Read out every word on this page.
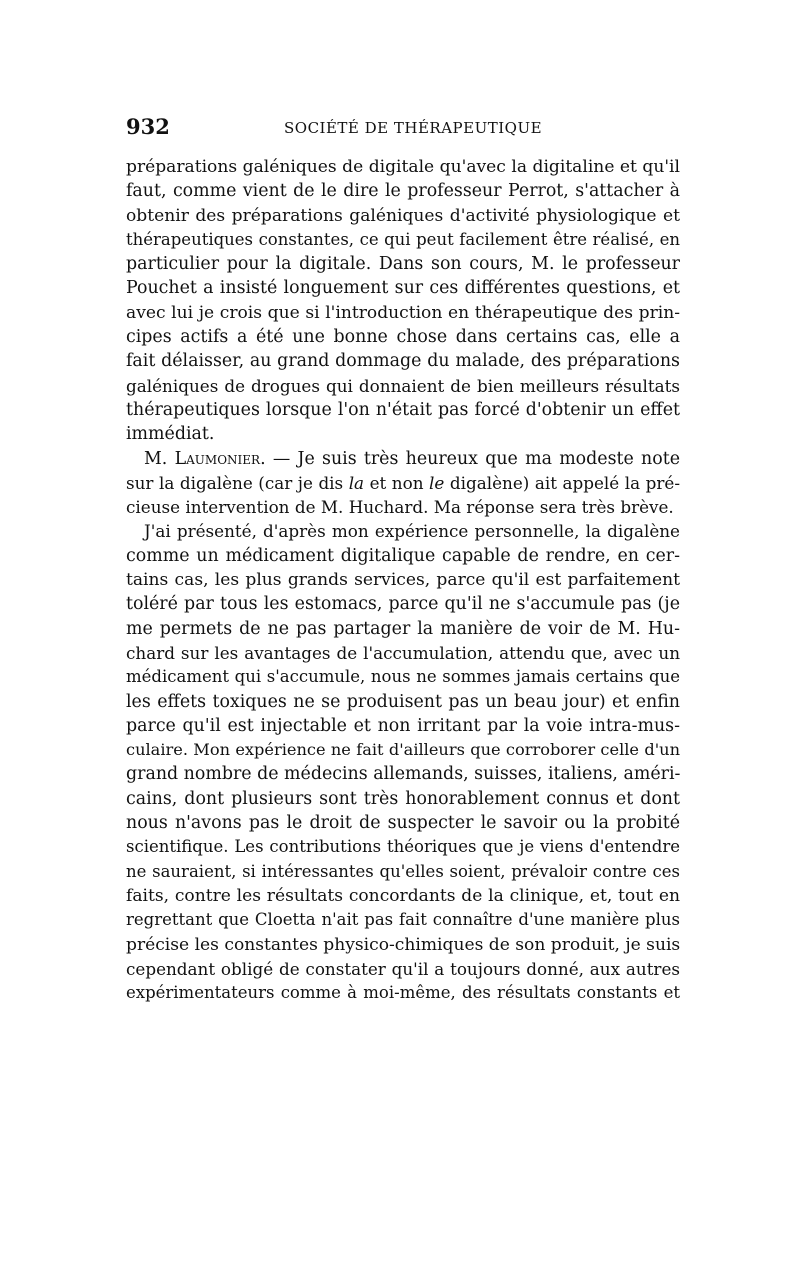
932	SOCIÉTÉ DE THÉRAPEUTIQUE
préparations galéniques de digitale qu'avec la digitaline et qu'il
faut, comme vient de le dire le professeur Perrot, s'attacher à
obtenir des préparations galéniques d'activité physiologique et
thérapeutiques constantes, ce qui peut facilement être réalisé, en
particulier pour la digitale. Dans son cours, M. le professeur
Pouchet a insisté longuement sur ces différentes questions, et
avec lui je crois que si l'introduction en thérapeutique des prin-
cipes actifs a été une bonne chose dans certains cas, elle a
fait délaisser, au grand dommage du malade, des préparations
galéniques de drogues qui donnaient de bien meilleurs résultats
thérapeutiques lorsque l'on n'était pas forcé d'obtenir un effet
immédiat.
M. Laumonier. — Je suis très heureux que ma modeste note
sur la digalène (car je dis la et non le digalène) ait appelé la pré-
cieuse intervention de M. Huchard. Ma réponse sera très brève.
J'ai présenté, d'après mon expérience personnelle, la digalène
comme un médicament digitalique capable de rendre, en cer-
tains cas, les plus grands services, parce qu'il est parfaitement
toléré par tous les estomacs, parce qu'il ne s'accumule pas (je
me permets de ne pas partager la manière de voir de M. Hu-
chard sur les avantages de l'accumulation, attendu que, avec un
médicament qui s'accumule, nous ne sommes jamais certains que
les effets toxiques ne se produisent pas un beau jour) et enfin
parce qu'il est injectable et non irritant par la voie intra-mus-
culaire. Mon expérience ne fait d'ailleurs que corroborer celle d'un
grand nombre de médecins allemands, suisses, italiens, améri-
cains, dont plusieurs sont très honorablement connus et dont
nous n'avons pas le droit de suspecter le savoir ou la probité
scientifique. Les contributions théoriques que je viens d'entendre
ne sauraient, si intéressantes qu'elles soient, prévaloir contre ces
faits, contre les résultats concordants de la clinique, et, tout en
regrettant que Cloetta n'ait pas fait connaître d'une manière plus
précise les constantes physico-chimiques de son produit, je suis
cependant obligé de constater qu'il a toujours donné, aux autres
expérimentateurs comme à moi-même, des résultats constants et
